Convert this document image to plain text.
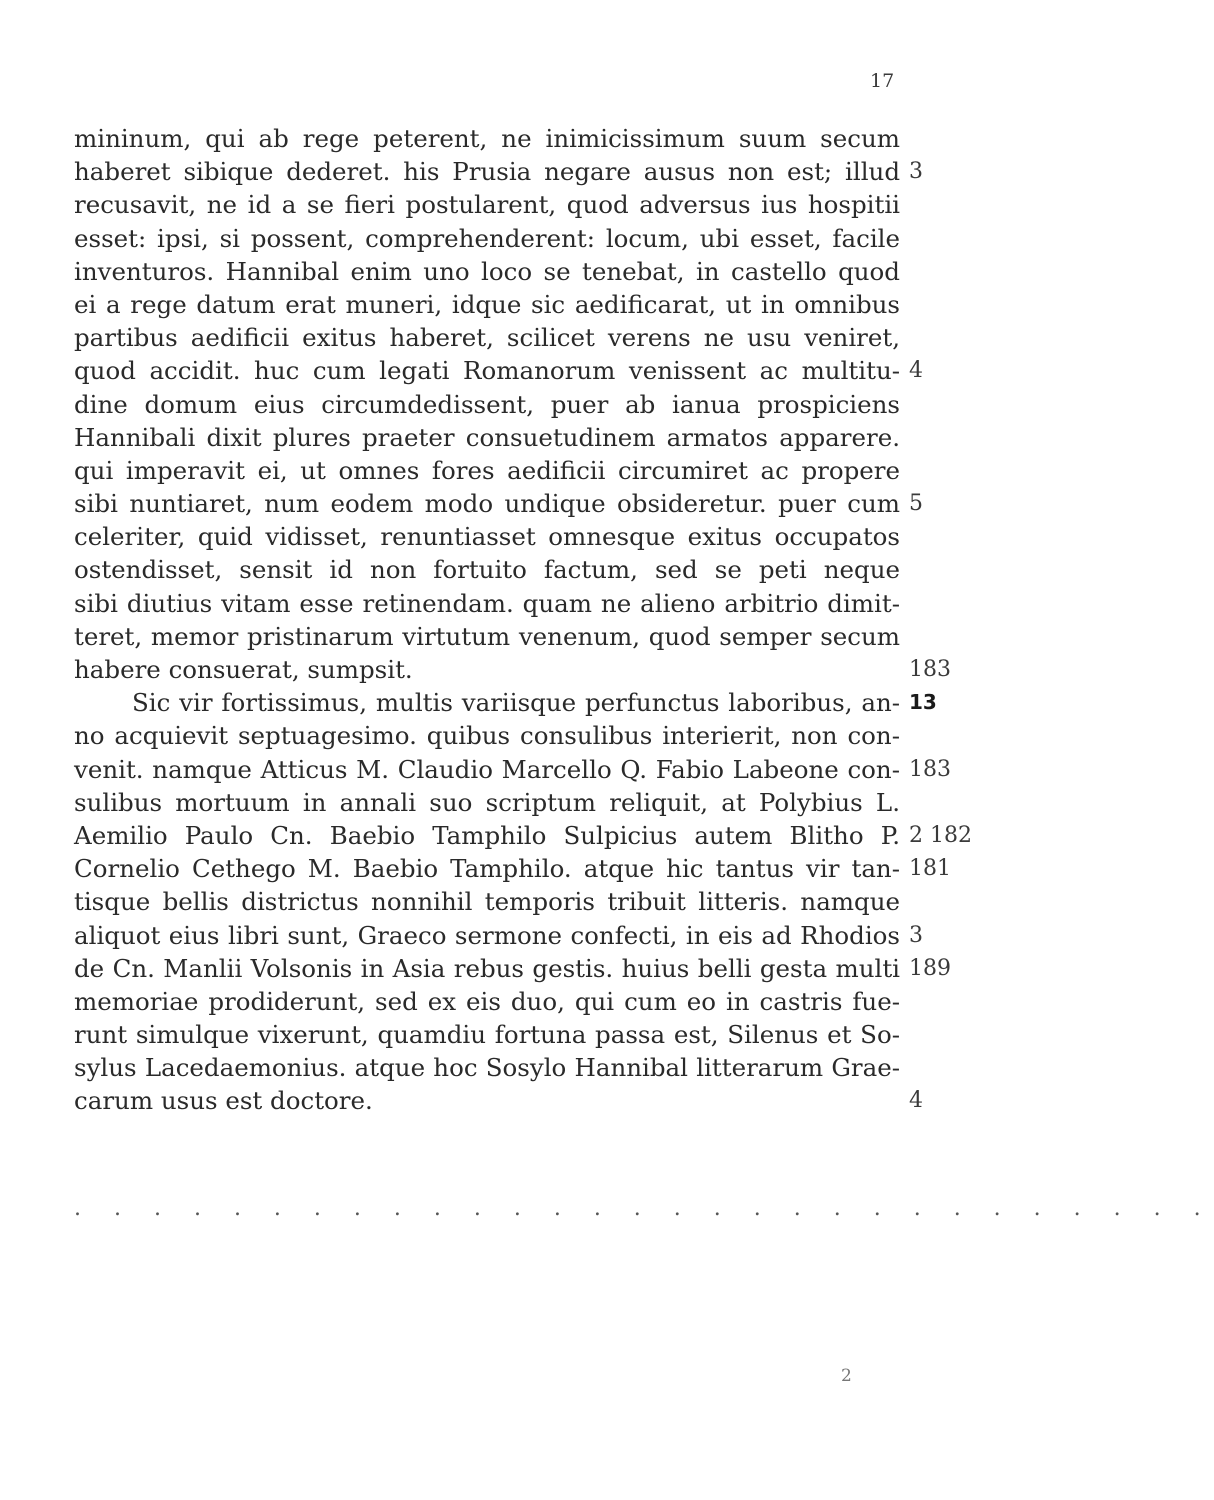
17
mininum, qui ab rege peterent, ne inimicissimum suum secum
haberet sibique dederet. his Prusia negare ausus non est; illud 3
recusavit, ne id a se fieri postularent, quod adversus ius hospitii
esset: ipsi, si possent, comprehenderent: locum, ubi esset, facile
inventuros. Hannibal enim uno loco se tenebat, in castello quod
ei a rege datum erat muneri, idque sic aedificarat, ut in omnibus
partibus aedificii exitus haberet, scilicet verens ne usu veniret,
quod accidit. huc cum legati Romanorum venissent ac multitu- 4
dine domum eius circumdedissent, puer ab ianua prospiciens
Hannibali dixit plures praeter consuetudinem armatos apparere.
qui imperavit ei, ut omnes fores aedificii circumiret ac propere
sibi nuntiaret, num eodem modo undique obsideretur. puer cum 5
celeriter, quid vidisset, renuntiasset omnesque exitus occupatos
ostendisset, sensit id non fortuito factum, sed se peti neque
sibi diutius vitam esse retinendam. quam ne alieno arbitrio dimit-
teret, memor pristinarum virtutum venenum, quod semper secum
habere consuerat, sumpsit.	183
Sic vir fortissimus, multis variisque perfunctus laboribus, an- 13
no acquievit septuagesimo. quibus consulibus interierit, non con-
venit. namque Atticus M. Claudio Marcello Q. Fabio Labeone con- 183
sulibus mortuum in annali suo scriptum reliquit, at Polybius L.
Aemilio Paulo Cn. Baebio Tamphilo Sulpicius autem Blitho P. 2 182
Cornelio Cethego M. Baebio Tamphilo. atque hic tantus vir tan- 181
tisque bellis districtus nonnihil temporis tribuit litteris. namque
aliquot eius libri sunt, Graeco sermone confecti, in eis ad Rhodios 3
de Cn. Manlii Volsonis in Asia rebus gestis. huius belli gesta multi 189
memoriae prodiderunt, sed ex eis duo, qui cum eo in castris fue-
runt simulque vixerunt, quamdiu fortuna passa est, Silenus et So-
sylus Lacedaemonius. atque hoc Sosylo Hannibal litterarum Grae-
carum usus est doctore.	4
. . . . . . . . . . . . . . . . . . . . . . . . . . . . .
2
